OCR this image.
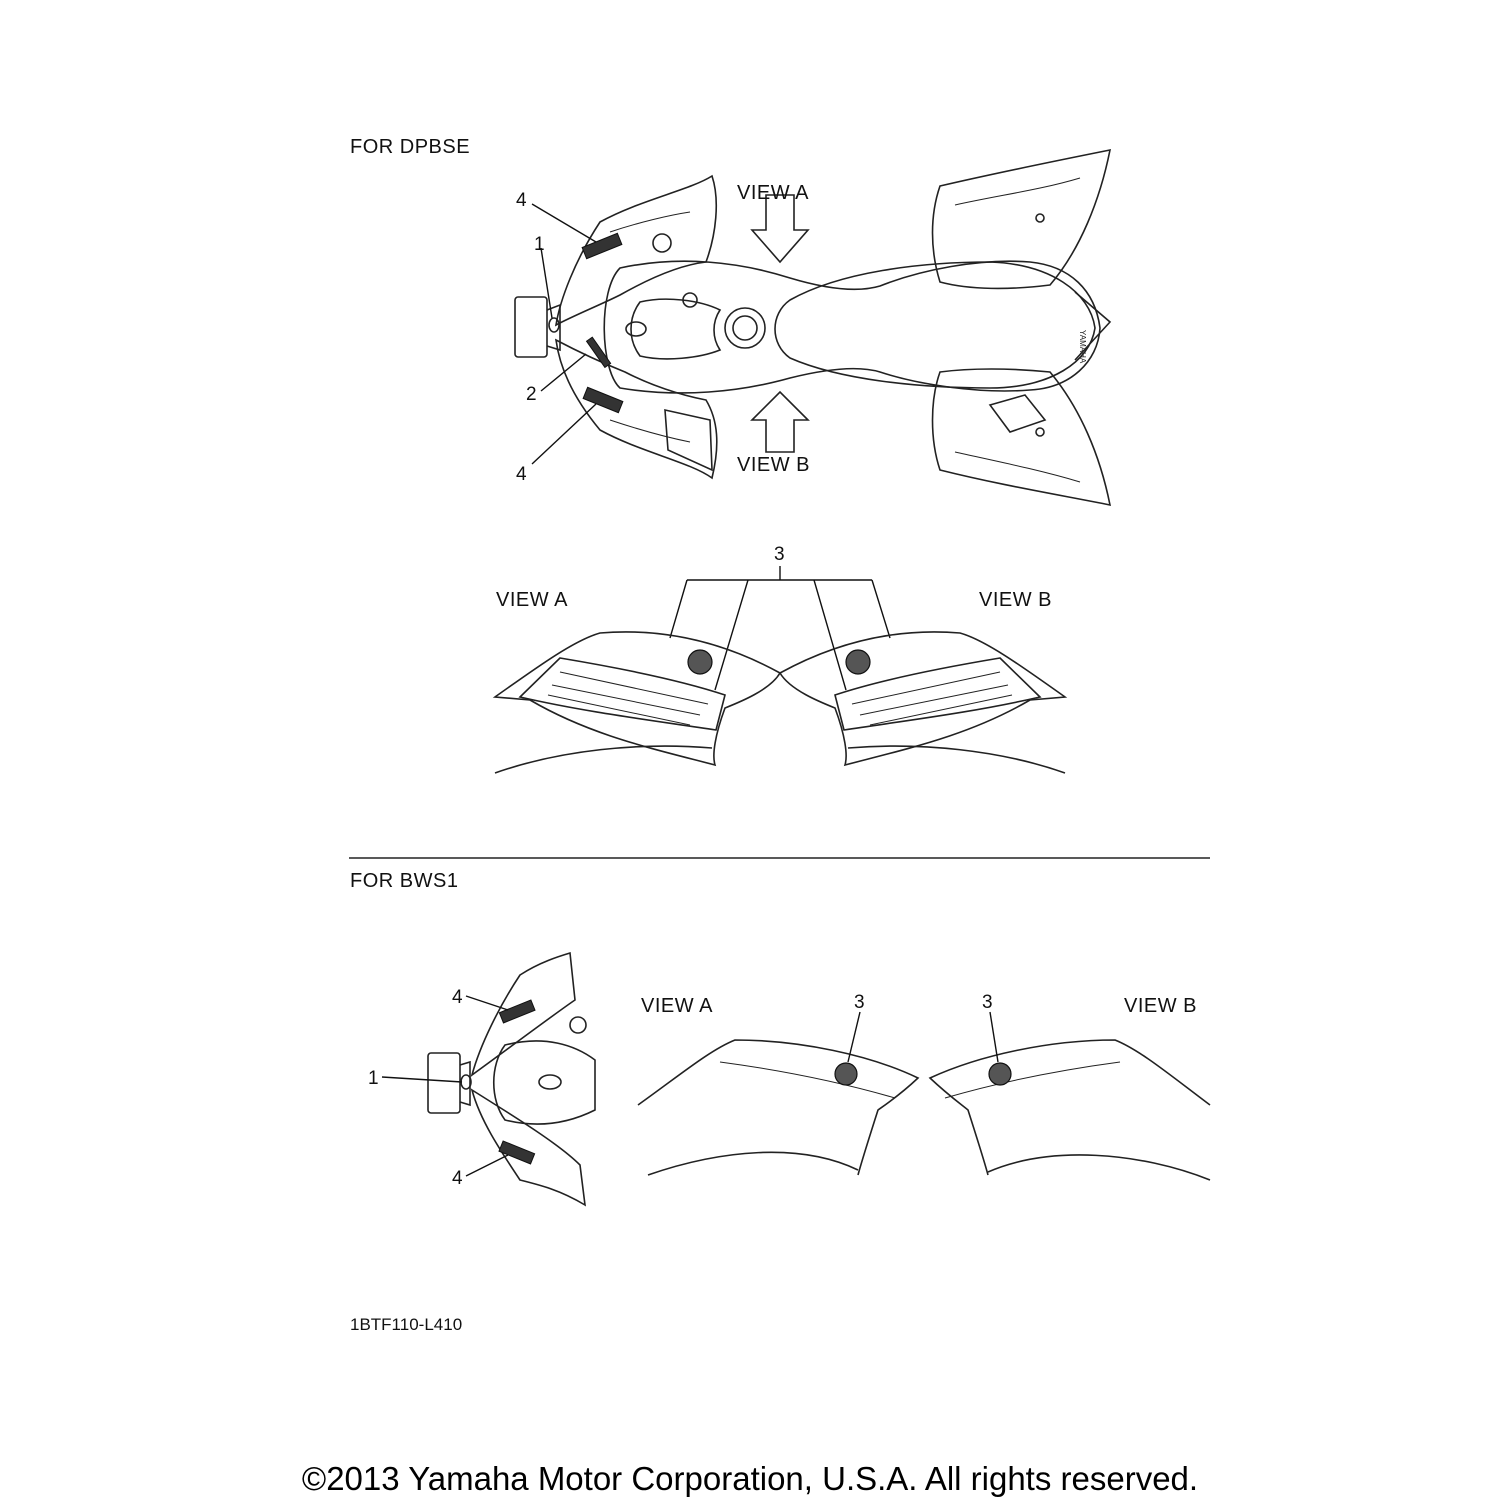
YAMAHA
FOR DPBSE
VIEW A
VIEW B
4
1
2
4
3
VIEW A	VIEW B
FOR BWS1
4
1
4
3	3
VIEW A	VIEW B
1BTF110-L410
©2013 Yamaha Motor Corporation, U.S.A. All rights reserved.
